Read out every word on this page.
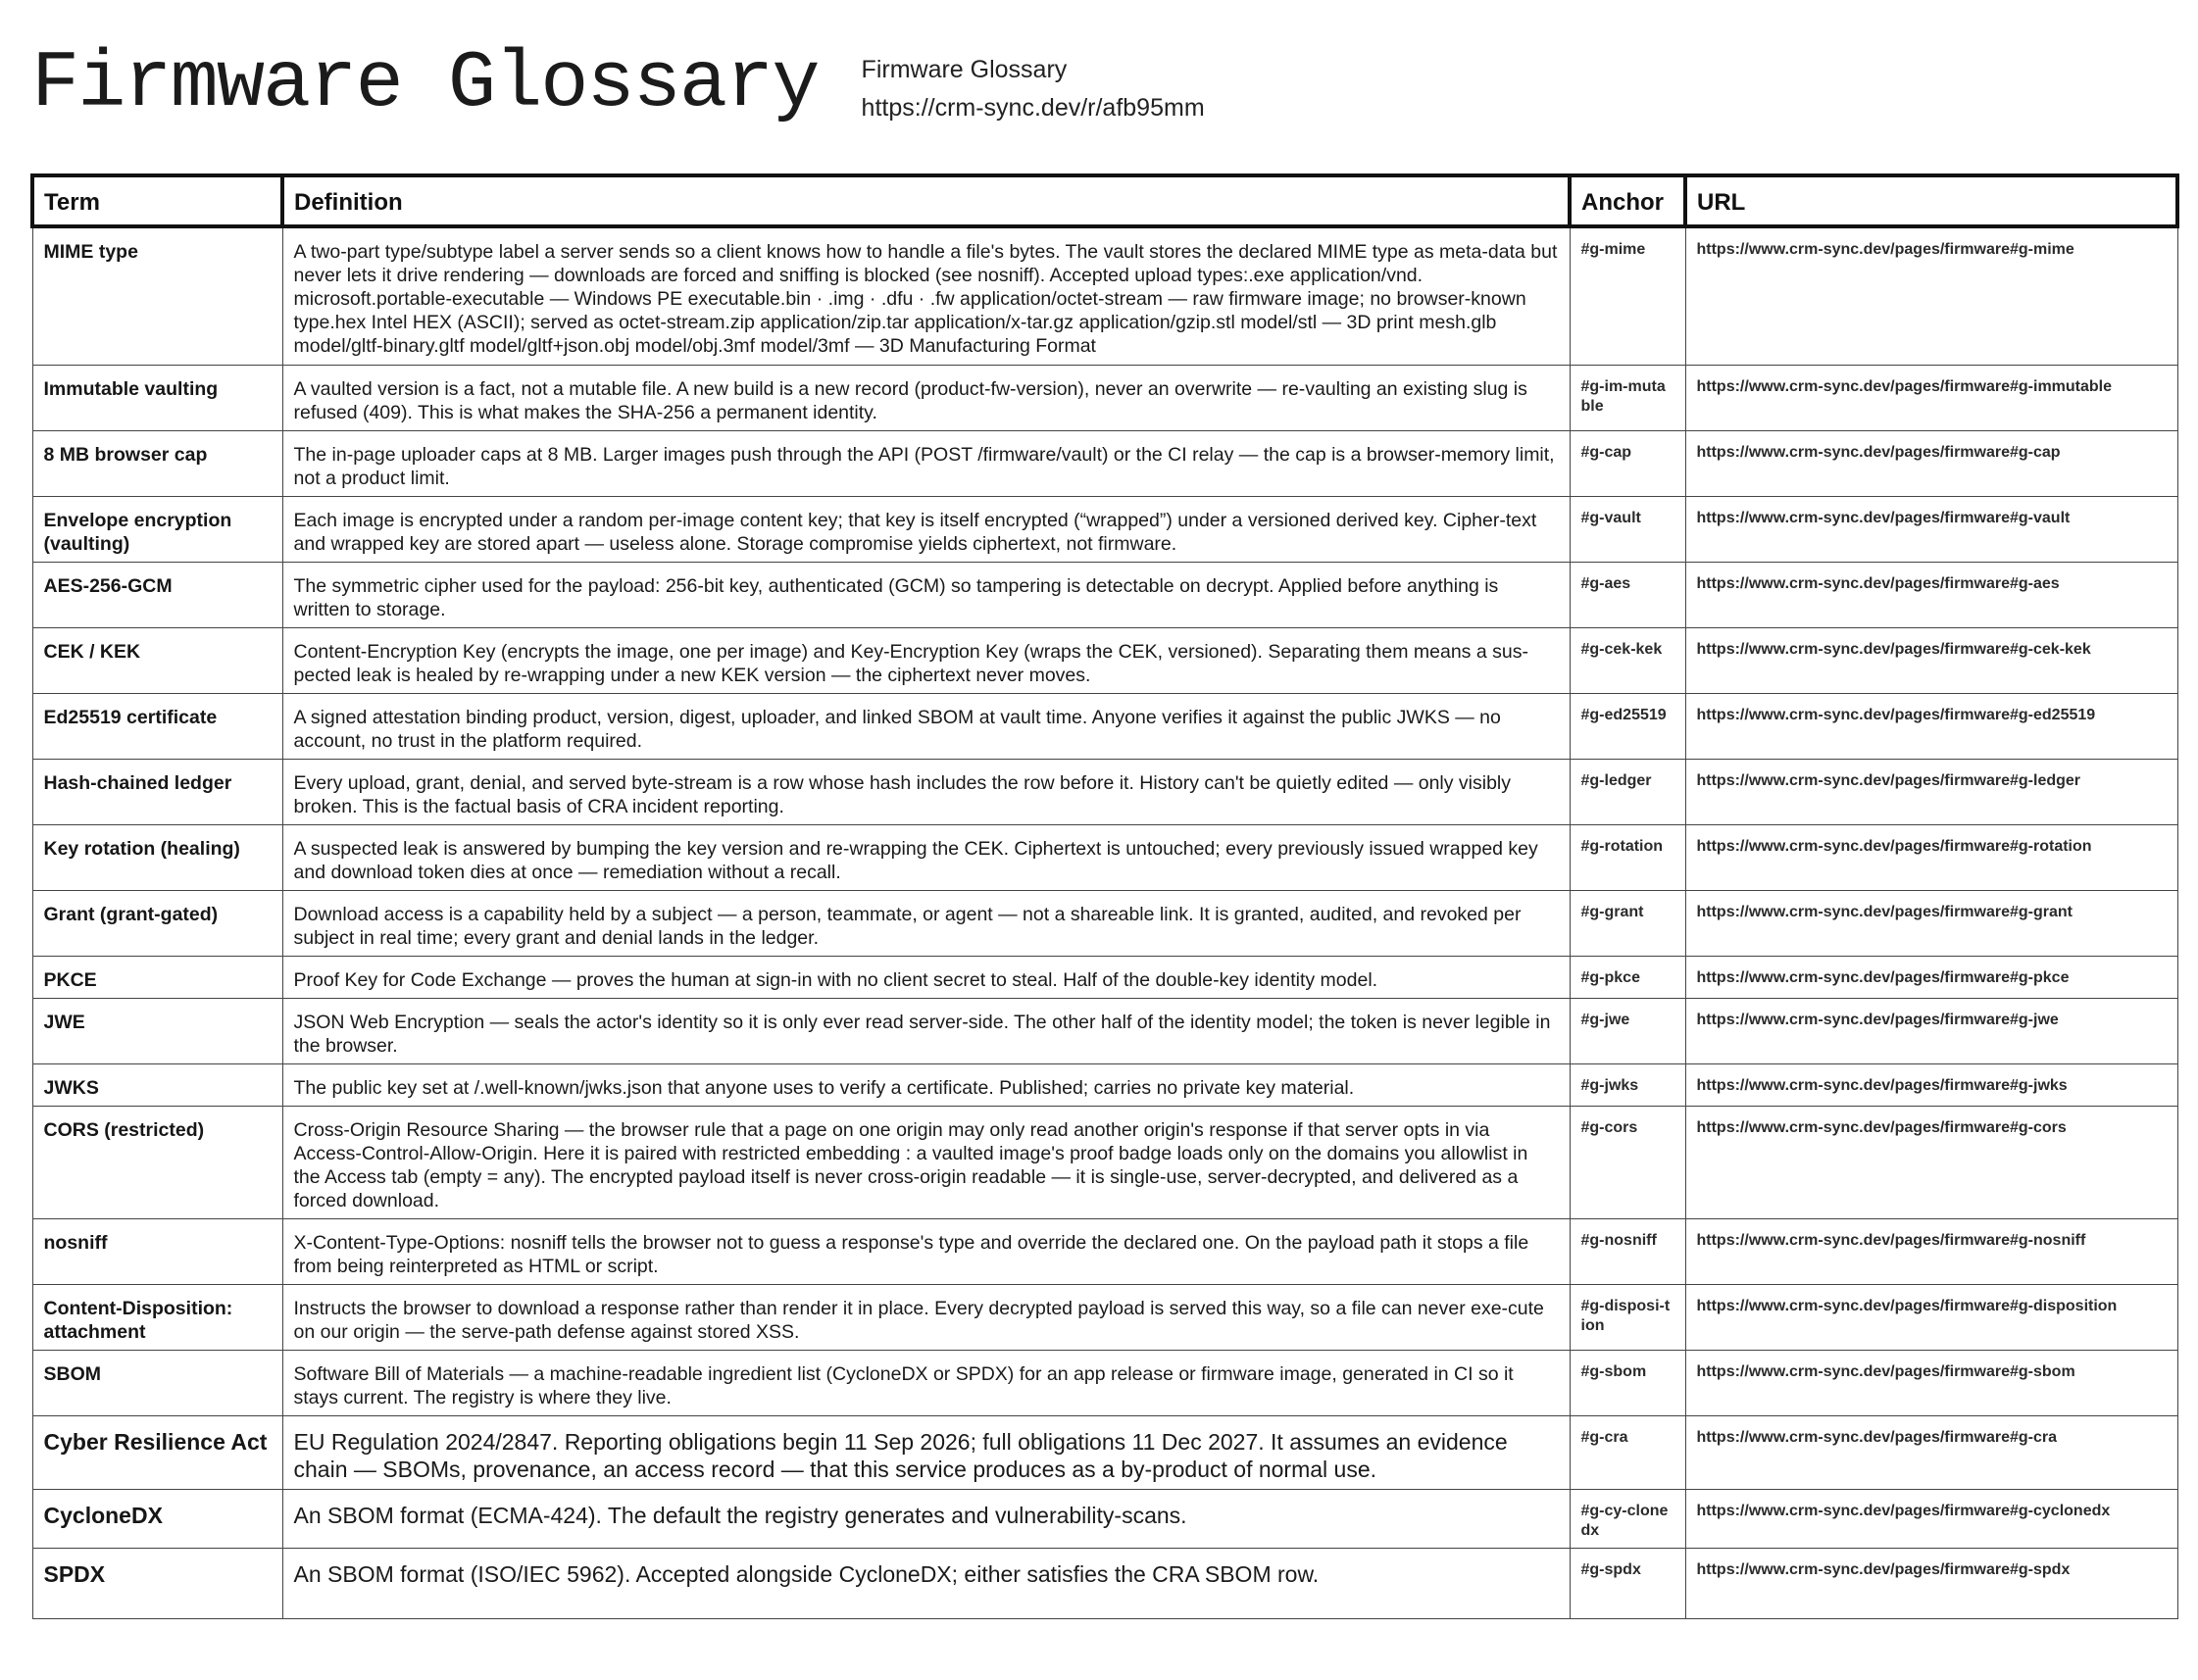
Firmware Glossary Firmware Glossary
https://crm-sync.dev/r/afb95mm
Term	Definition	Anchor	URL
MIME type	A two-part type/subtype label a server sends so a client knows how to handle a file's bytes. The vault stores the declared MIME type as meta-data but never lets it drive rendering — downloads are forced and sniffing is blocked (see nosniff). Accepted upload types:.exe application/vnd. microsoft.portable-executable — Windows PE executable.bin · .img · .dfu · .fw application/octet-stream — raw firmware image; no browser-known type.hex Intel HEX (ASCII); served as octet-stream.zip application/zip.tar application/x-tar.gz application/gzip.stl model/stl — 3D print mesh.glb model/gltf-binary.gltf model/gltf+json.obj model/obj.3mf model/3mf — 3D Manufacturing Format	#g-mime	https://www.crm-sync.dev/pages/firmware#g-mime
Immutable vaulting	A vaulted version is a fact, not a mutable file. A new build is a new record (product-fw-version), never an overwrite — re-vaulting an existing slug is refused (409). This is what makes the SHA-256 a permanent identity.	#g-im-mutable	https://www.crm-sync.dev/pages/firmware#g-immutable
8 MB browser cap	The in-page uploader caps at 8 MB. Larger images push through the API (POST /firmware/vault) or the CI relay — the cap is a browser-memory limit, not a product limit.	#g-cap	https://www.crm-sync.dev/pages/firmware#g-cap
Envelope encryption (vaulting)	Each image is encrypted under a random per-image content key; that key is itself encrypted (“wrapped”) under a versioned derived key. Cipher-text and wrapped key are stored apart — useless alone. Storage compromise yields ciphertext, not firmware.	#g-vault	https://www.crm-sync.dev/pages/firmware#g-vault
AES-256-GCM	The symmetric cipher used for the payload: 256-bit key, authenticated (GCM) so tampering is detectable on decrypt. Applied before anything is written to storage.	#g-aes	https://www.crm-sync.dev/pages/firmware#g-aes
CEK / KEK	Content-Encryption Key (encrypts the image, one per image) and Key-Encryption Key (wraps the CEK, versioned). Separating them means a sus-pected leak is healed by re-wrapping under a new KEK version — the ciphertext never moves.	#g-cek-kek	https://www.crm-sync.dev/pages/firmware#g-cek-kek
Ed25519 certificate	A signed attestation binding product, version, digest, uploader, and linked SBOM at vault time. Anyone verifies it against the public JWKS — no account, no trust in the platform required.	#g-ed25519	https://www.crm-sync.dev/pages/firmware#g-ed25519
Hash-chained ledger	Every upload, grant, denial, and served byte-stream is a row whose hash includes the row before it. History can't be quietly edited — only visibly broken. This is the factual basis of CRA incident reporting.	#g-ledger	https://www.crm-sync.dev/pages/firmware#g-ledger
Key rotation (healing)	A suspected leak is answered by bumping the key version and re-wrapping the CEK. Ciphertext is untouched; every previously issued wrapped key and download token dies at once — remediation without a recall.	#g-rotation	https://www.crm-sync.dev/pages/firmware#g-rotation
Grant (grant-gated)	Download access is a capability held by a subject — a person, teammate, or agent — not a shareable link. It is granted, audited, and revoked per subject in real time; every grant and denial lands in the ledger.	#g-grant	https://www.crm-sync.dev/pages/firmware#g-grant
PKCE	Proof Key for Code Exchange — proves the human at sign-in with no client secret to steal. Half of the double-key identity model.	#g-pkce	https://www.crm-sync.dev/pages/firmware#g-pkce
JWE	JSON Web Encryption — seals the actor's identity so it is only ever read server-side. The other half of the identity model; the token is never legible in the browser.	#g-jwe	https://www.crm-sync.dev/pages/firmware#g-jwe
JWKS	The public key set at /.well-known/jwks.json that anyone uses to verify a certificate. Published; carries no private key material.	#g-jwks	https://www.crm-sync.dev/pages/firmware#g-jwks
CORS (restricted)	Cross-Origin Resource Sharing — the browser rule that a page on one origin may only read another origin's response if that server opts in via Access-Control-Allow-Origin. Here it is paired with restricted embedding : a vaulted image's proof badge loads only on the domains you allowlist in the Access tab (empty = any). The encrypted payload itself is never cross-origin readable — it is single-use, server-decrypted, and delivered as a forced download.	#g-cors	https://www.crm-sync.dev/pages/firmware#g-cors
nosniff	X-Content-Type-Options: nosniff tells the browser not to guess a response's type and override the declared one. On the payload path it stops a file from being reinterpreted as HTML or script.	#g-nosniff	https://www.crm-sync.dev/pages/firmware#g-nosniff
Content-Disposition: attachment	Instructs the browser to download a response rather than render it in place. Every decrypted payload is served this way, so a file can never exe-cute on our origin — the serve-path defense against stored XSS.	#g-disposi-tion	https://www.crm-sync.dev/pages/firmware#g-disposition
SBOM	Software Bill of Materials — a machine-readable ingredient list (CycloneDX or SPDX) for an app release or firmware image, generated in CI so it stays current. The registry is where they live.	#g-sbom	https://www.crm-sync.dev/pages/firmware#g-sbom
Cyber Resilience Act	EU Regulation 2024/2847. Reporting obligations begin 11 Sep 2026; full obligations 11 Dec 2027. It assumes an evidence chain — SBOMs, provenance, an access record — that this service produces as a by-product of normal use.	#g-cra	https://www.crm-sync.dev/pages/firmware#g-cra
CycloneDX	An SBOM format (ECMA-424). The default the registry generates and vulnerability-scans.	#g-cy-clonedx	https://www.crm-sync.dev/pages/firmware#g-cyclonedx
SPDX	An SBOM format (ISO/IEC 5962). Accepted alongside CycloneDX; either satisfies the CRA SBOM row.	#g-spdx	https://www.crm-sync.dev/pages/firmware#g-spdx
